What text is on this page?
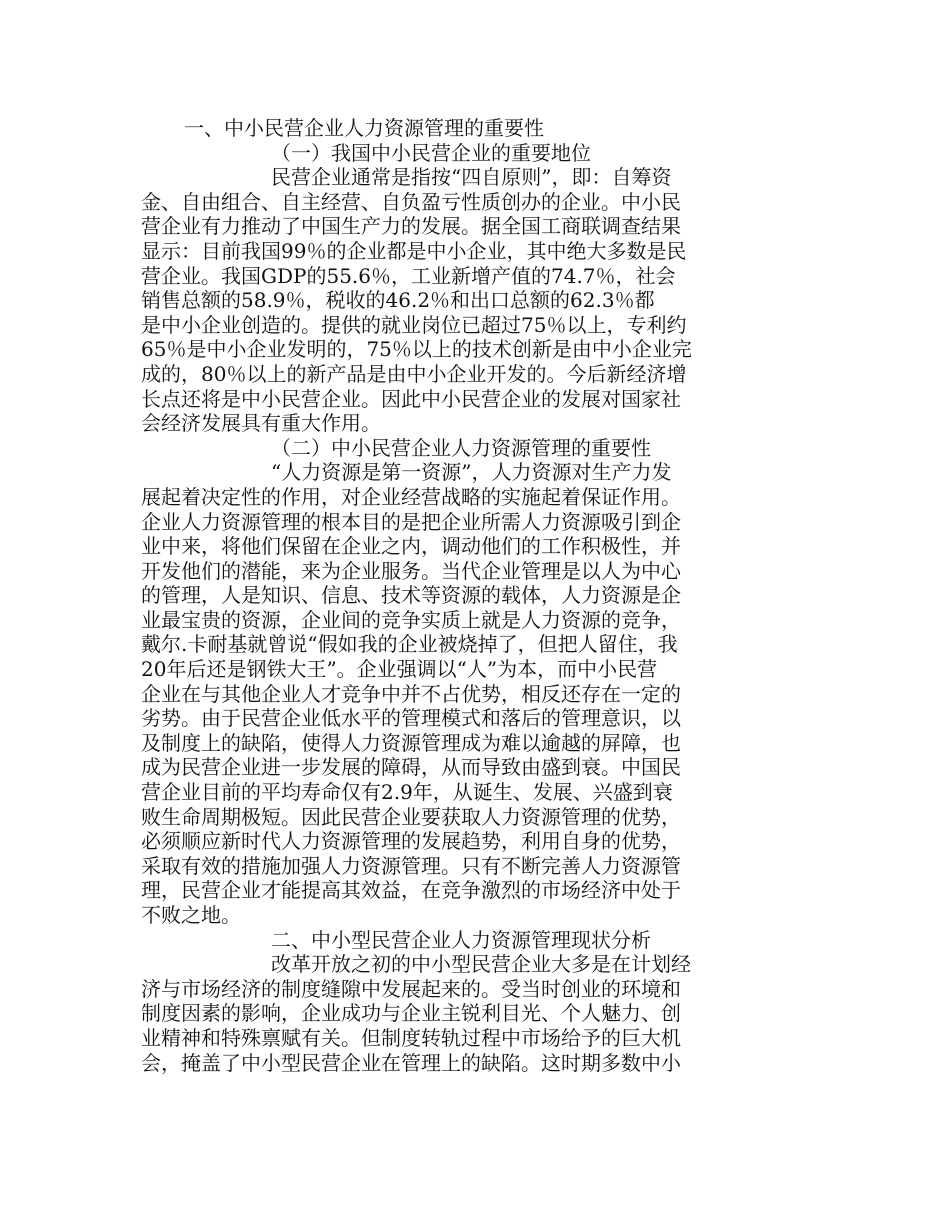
一、中小民营企业人力资源管理的重要性
（一）我国中小民营企业的重要地位
民营企业通常是指按“四自原则”，即：自筹资
金、自由组合、自主经营、自负盈亏性质创办的企业。中小民
营企业有力推动了中国生产力的发展。据全国工商联调查结果
显示：目前我国99％的企业都是中小企业，其中绝大多数是民
营企业。我国GDP的55.6％，工业新增产值的74.7％，社会
销售总额的58.9％，税收的46.2％和出口总额的62.3％都
是中小企业创造的。提供的就业岗位已超过75％以上，专利约
65％是中小企业发明的，75％以上的技术创新是由中小企业完
成的，80％以上的新产品是由中小企业开发的。今后新经济增
长点还将是中小民营企业。因此中小民营企业的发展对国家社
会经济发展具有重大作用。
（二）中小民营企业人力资源管理的重要性
“人力资源是第一资源”，人力资源对生产力发
展起着决定性的作用，对企业经营战略的实施起着保证作用。
企业人力资源管理的根本目的是把企业所需人力资源吸引到企
业中来，将他们保留在企业之内，调动他们的工作积极性，并
开发他们的潜能，来为企业服务。当代企业管理是以人为中心
的管理，人是知识、信息、技术等资源的载体，人力资源是企
业最宝贵的资源，企业间的竞争实质上就是人力资源的竞争，
戴尔.卡耐基就曾说“假如我的企业被烧掉了，但把人留住，我
20年后还是钢铁大王”。企业强调以“人”为本，而中小民营
企业在与其他企业人才竞争中并不占优势，相反还存在一定的
劣势。由于民营企业低水平的管理模式和落后的管理意识，以
及制度上的缺陷，使得人力资源管理成为难以逾越的屏障，也
成为民营企业进一步发展的障碍，从而导致由盛到衰。中国民
营企业目前的平均寿命仅有2.9年，从诞生、发展、兴盛到衰
败生命周期极短。因此民营企业要获取人力资源管理的优势，
必须顺应新时代人力资源管理的发展趋势，利用自身的优势，
采取有效的措施加强人力资源管理。只有不断完善人力资源管
理，民营企业才能提高其效益，在竞争激烈的市场经济中处于
不败之地。
二、中小型民营企业人力资源管理现状分析
改革开放之初的中小型民营企业大多是在计划经
济与市场经济的制度缝隙中发展起来的。受当时创业的环境和
制度因素的影响，企业成功与企业主锐利目光、个人魅力、创
业精神和特殊禀赋有关。但制度转轨过程中市场给予的巨大机
会，掩盖了中小型民营企业在管理上的缺陷。这时期多数中小
